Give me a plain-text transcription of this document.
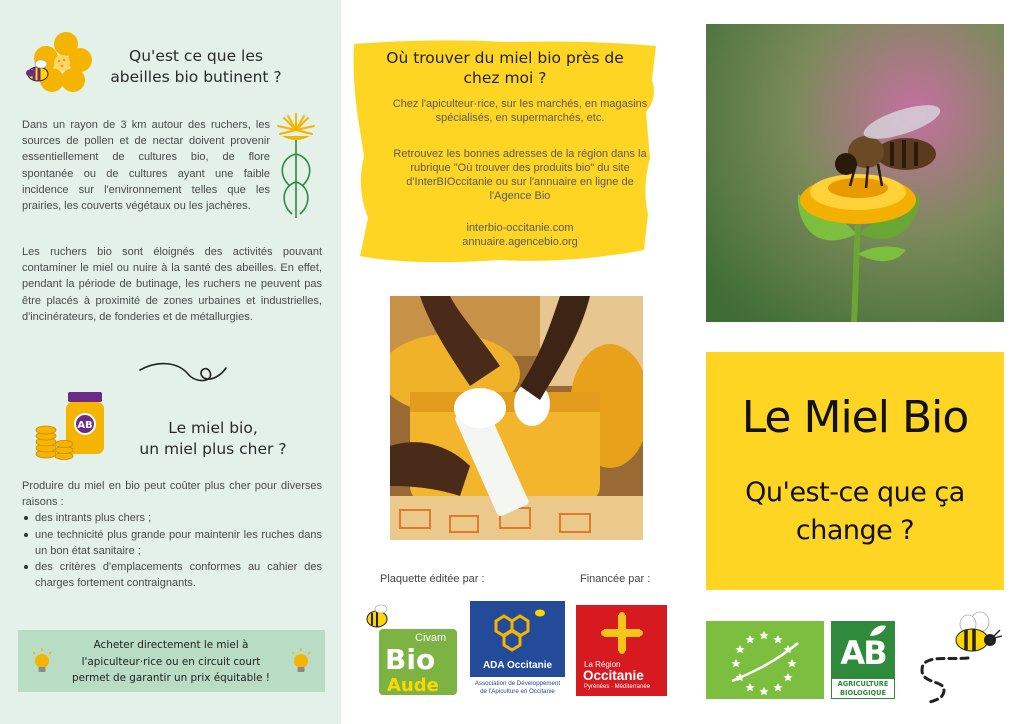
Qu'est ce que les
abeilles bio butinent ?
Dans un rayon de 3 km autour des ruchers, les sources de pollen et de nectar doivent provenir essentiellement de cultures bio, de flore spontanée ou de cultures ayant une faible incidence sur l'environnement telles que les prairies, les couverts végétaux ou les jachères.
Les ruchers bio sont éloignés des activités pouvant contaminer le miel ou nuire à la santé des abeilles. En effet, pendant la période de butinage, les ruchers ne peuvent pas être placés à proximité de zones urbaines et industrielles, d'incinérateurs, de fonderies et de métallurgies.
AB	Le miel bio,
un miel plus cher ?
Produire du miel en bio peut coûter plus cher pour diverses raisons :
des intrants plus chers ;
une technicité plus grande pour maintenir les ruches dans un bon état sanitaire ;
des critères d'emplacements conformes au cahier des charges fortement contraignants.
Acheter directement le miel à
l'apiculteur·rice ou en circuit court
permet de garantir un prix équitable !
Où trouver du miel bio près de
chez moi ?
Chez l'apiculteur·rice, sur les marchés, en magasins spécialisés, en supermarchés, etc.
Retrouvez les bonnes adresses de la région dans la rubrique "Où trouver des produits bio" du site d'InterBIOccitanie ou sur l'annuaire en ligne de l'Agence Bio
interbio-occitanie.com
annuaire.agencebio.org
Plaquette éditée par :	Financée par :
Civam
Bio
Aude
ADA Occitanie
Association de Développement
de l'Apiculture en Occitanie
La Région
Occitanie
Pyrénées · Méditerranée
Le Miel Bio
Qu'est-ce que ça
change ?
AB
AGRICULTURE
BIOLOGIQUE
